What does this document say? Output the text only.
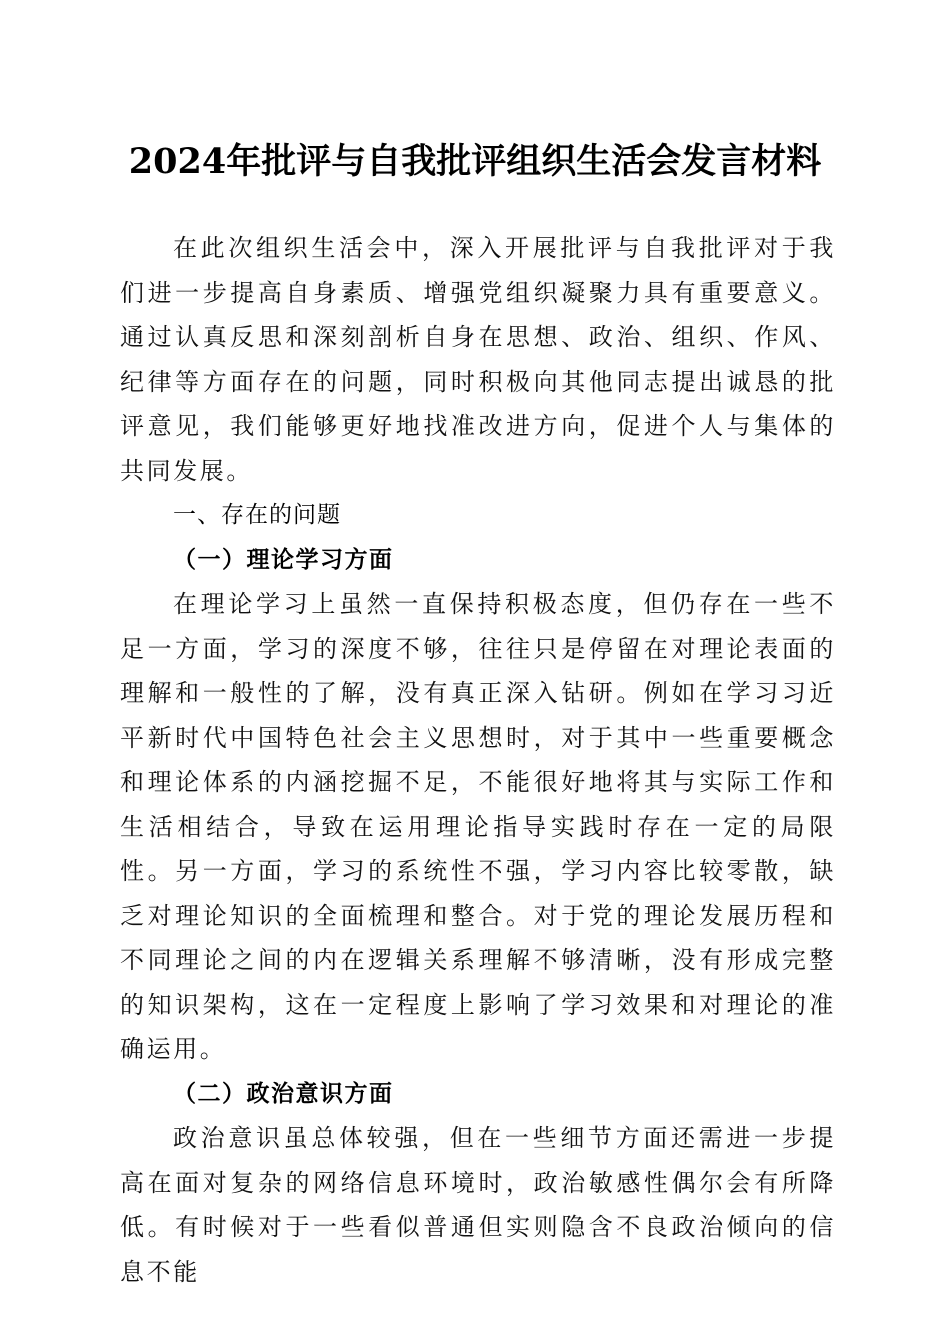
2024年批评与自我批评组织生活会发言材料

在此次组织生活会中，深入开展批评与自我批评对于我们进一步提高自身素质、增强党组织凝聚力具有重要意义。通过认真反思和深刻剖析自身在思想、政治、组织、作风、纪律等方面存在的问题，同时积极向其他同志提出诚恳的批评意见，我们能够更好地找准改进方向，促进个人与集体的共同发展。

一、存在的问题

（一）理论学习方面

在理论学习上虽然一直保持积极态度，但仍存在一些不足一方面，学习的深度不够，往往只是停留在对理论表面的理解和一般性的了解，没有真正深入钻研。例如在学习习近平新时代中国特色社会主义思想时，对于其中一些重要概念和理论体系的内涵挖掘不足，不能很好地将其与实际工作和生活相结合，导致在运用理论指导实践时存在一定的局限性。另一方面，学习的系统性不强，学习内容比较零散，缺乏对理论知识的全面梳理和整合。对于党的理论发展历程和不同理论之间的内在逻辑关系理解不够清晰，没有形成完整的知识架构，这在一定程度上影响了学习效果和对理论的准确运用。

（二）政治意识方面

政治意识虽总体较强，但在一些细节方面还需进一步提高在面对复杂的网络信息环境时，政治敏感性偶尔会有所降低。有时候对于一些看似普通但实则隐含不良政治倾向的信息不能
